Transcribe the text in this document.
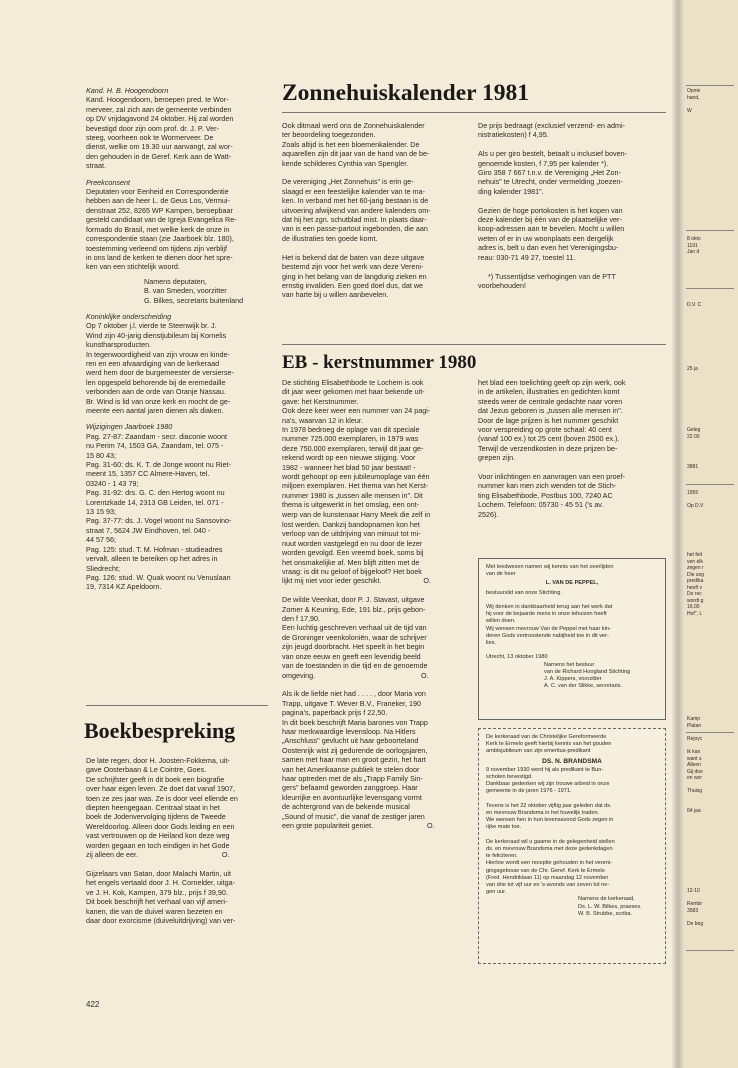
Kand. H. B. Hoogendoorn

Kand. Hoogendoorn, beroepen pred. te Wor-
merveer, zal zich aan de gemeente verbinden
op DV vrijdagavond 24 oktober. Hij zal worden
bevestigd door zijn oom prof. dr. J. P. Ver-
steeg, voorheen ook te Wormerveer. De
dienst, welke om 19.30 uur aanvangt, zal wor-
den gehouden in de Geref. Kerk aan de Watt-
straat.

Preekconsent

Deputaten voor Eenheid en Correspondentie
hebben aan de heer L. de Geus Los, Vermui-
denstraat 252, 8265 WP Kampen, beroepbaar
gesteld candidaat van de Igreja Evangelica Re-
formado do Brasil, met welke kerk de onze in
correspondentie staan (zie Jaarboek blz. 180),
toestemming verleend om tijdens zijn verblijf
in ons land de kerken te dienen door het spre-
ken van een stichtelijk woord.
Namens deputaten,
B. van Smeden, voorzitter
G. Bilkes, secretaris buitenland

Koninklijke onderscheiding

Op 7 oktober j.l. vierde te Steenwijk br. J.
Wind zijn 40-jarig dienstjubileum bij Kornelis
kunstharsproducten.
In tegenwoordigheid van zijn vrouw en kinde-
ren en een afvaardiging van de kerkeraad
werd hem door de burgemeester de versierse-
len opgespeld behorende bij de eremedaille
verbonden aan de orde van Oranje Nassau.
Br. Wind is lid van onze kerk en mocht de ge-
meente een aantal jaren dienen als diaken.

Wijzigingen Jaarboek 1980

Pag. 27-87: Zaandam - secr. diaconie woont
nu Perim 74, 1503 GA, Zaandam, tel. 075 -
15 80 43;
Pag. 31-60: ds. K. T. de Jonge woont nu Riet-
meent 15, 1357 CC Almere-Haven, tel.
03240 - 1 43 79;
Pag. 31-92: drs. G. C. den Hertog woont nu
Lorentzkade 14, 2313 GB Leiden, tel. 071 -
13 15 93;
Pag. 37-77: ds. J. Vogel woont nu Sansovino-
straat 7, 5624 JW Eindhoven, tel. 040 -
44 57 56;
Pag. 125: stud. T. M. Hofman - studieadres
vervalt, alleen te bereiken op het adres in
Sliedrecht;
Pag. 126: stud. W. Quak woont nu Venuslaan
19, 7314 KZ Apeldoorn.
Boekbespreking
De late regen, door H. Joosten-Fokkema, uit-
gave Oosterbaan & Le Cointre, Goes.
De schrijfster geeft in dit boek een biografie
over haar eigen leven. Ze doet dat vanaf 1907,
toen ze zes jaar was. Ze is door veel ellende en
diepten heengegaan. Centraal staat in het
boek de Jodenvervolging tijdens de Tweede
Wereldoorlog. Alleen door Gods leiding en een
vast vertrouwen op de Heiland kon deze weg
worden gegaan en toch eindigen in het Gode
zij alleen de eer.                                          O.

Gijzelaars van Satan, door Malachi Martin, uit
het engels vertaald door J. H. Cornelder, uitga-
ve J. H. Kok, Kampen, 379 blz., prijs f 39,90.
Dit boek beschrijft het verhaal van vijf ameri-
kanen, die van de duivel waren bezeten en
daar door exorcisme (duiveluitdrijving) van ver-
422
Zonnehuiskalender 1981
Ook ditmaal werd ons de Zonnehuiskalender
ter beoordeling toegezonden.
Zoals altijd is het een bloemenkalender. De
aquarellen zijn dit jaar van de hand van de be-
kende schilderes Cynthia van Spengler.

De vereniging „Het Zonnehuis" is erin ge-
slaagd er een feestelijke kalender van te ma-
ken. In verband met het 60-jarig bestaan is de
uitvoering afwijkend van andere kalenders om-
dat hij het zgn. schutblad mist. In plaats daar-
van is een passe-partout ingebonden, die aan
de illustraties ten goede komt.

Het is bekend dat de baten van deze uitgave
bestemd zijn voor het werk van deze Vereni-
ging in het belang van de langdurig zieken en
ernstig invaliden. Een goed doel dus, dat we
van harte bij u willen aanbevelen.
De prijs bedraagt (exclusief verzend- en admi-
nistratiekosten) f 4,95.

Als u per giro bestelt, betaalt u inclusief boven-
genoemde kosten, f 7,95 per kalender *).
Giro 358 7 667 t.n.v. de Vereniging „Het Zon-
nehuis" te Utrecht, onder vermelding „toezen-
ding kalender 1981".

Gezien de hoge portokosten is het kopen van
deze kalender bij één van de plaatselijke ver-
koop-adressen aan te bevelen. Mocht u willen
weten of er in uw woonplaats een dergelijk
adres is, belt u dan even het Verenigingsbu-
reau: 030-71 49 27, toestel 11.

*) Tussentijdse verhogingen van de PTT
voorbehouden!
EB - kerstnummer 1980
De stichting Elisabethbode te Lochem is ook
dit jaar weer gekomen met haar bekende uit-
gave: het Kerstnummer.
Ook deze keer weer een nummer van 24 pagi-
na's, waarvan 12 in kleur.
In 1978 bedroeg de oplage van dit speciale
nummer 725.000 exemplaren, in 1979 was
deze 750.000 exemplaren, terwijl dit jaar ge-
rekend wordt op een nieuwe stijging. Voor
1982 - wanneer het blad 50 jaar bestaat! -
wordt gehoopt op een jubileumoplage van één
miljoen exemplaren. Het thema van het Kerst-
nummer 1980 is „tussen alle mensen in". Dit
thema is uitgewerkt in het omslag, een ont-
werp van de kunstenaar Harry Meek die zelf in
het blad een toelichting geeft op zijn werk, ook
in de artikelen, illustraties en gedichten komt
steeds weer de centrale gedachte naar voren
dat Jezus geboren is „tussen alle mensen in".
Door de lage prijzen is het nummer geschikt
voor verspreiding op grote schaal: 40 cent
(vanaf 100 ex.) tot 25 cent (boven 2500 ex.).
Terwijl de verzendkosten in deze prijzen be-
grepen zijn.

Voor inlichtingen en aanvragen van een proef-
nummer kan men zich wenden tot de Stich-
ting Elisabethbode, Postbus 100, 7240 AC
Lochem. Telefoon: 05730 - 45 51 ('s av.
2526).
lost werden. Dankzij bandopnamen kon het
verloop van de uitdrijving van minuut tot mi-
nuut worden vastgelegd en nu door de lezer
worden gevolgd. Een vreemd boek, soms bij
het onsmakelijke af. Men blijft zitten met de
vraag: is dit nu geloof of bijgeloof? Het boek
lijkt mij niet voor ieder geschikt.                     O.

De wilde Veenkat, door P. J. Stavast, uitgave
Zomer & Keuning, Ede, 191 blz., prijs gebon-
den f 17,90.
Een luchtig geschreven verhaal uit de tijd van
de Groninger veenkoloniën, waar de schrijver
zijn jeugd doorbracht. Het speelt in het begin
van onze eeuw en geeft een levendig beeld
van de toestanden in die tijd en de genoemde
omgeving.                                                     O.

Als ik de liefde niet had . . . . , door Maria von
Trapp, uitgave T. Wever B.V., Franeker, 190
pagina's, paperback prijs f 22,50.
In dit boek beschrijft Maria barones von Trapp
haar merkwaardige levensloop. Na Hitlers
„Anschluss" gevlucht uit haar geboorteland
Oostenrijk wist zij gedurende de oorlogsjaren,
samen met haar man en groot gezin, het hart
van het Amerikaanse publiek te stelen door
haar optreden met de als „Trapp Family Sin-
gers" befaamd geworden zanggroep. Haar
kleurrijke en avontuurlijke levensgang vormt
de achtergrond van de bekende musical
„Sound of music", die vanaf de zestiger jaren
een grote populariteit geniet.                           O.
Met leedwezen namen wij kennis van het overlijden
van de heer

L. VAN DE PEPPEL,

bestuurslid van onze Stichting.

Wij denken in dankbaarheid terug aan het werk dat
hij voor de bejaarde mens in onze tehuizen heeft
willen doen.
Wij wensen mevrouw Van de Peppel met haar kin-
deren Gods vertroostende nabijheid toe in dit ver-
lies.

Utrecht, 13 oktober 1980
Namens het bestuur
van de Richard Hoogland Stichting
J. A. Kippers, voorzitter
A. C. van der Slikke, secretaris.
De kerkeraad van de Christelijke Gereformeerde
Kerk te Ermelo geeft hierbij kennis van het gouden
ambtsjubileum van zijn emeritus-predikant

DS. N. BRANDSMA

9 november 1930 werd hij als predikant te Bun-
schoten bevestigd.
Dankbaar gedenken wij zijn trouwe arbeid in onze
gemeente in de jaren 1976 - 1971.

Tevens is het 22 oktober vijftig jaar geleden dat ds.
en mevrouw Brandsma in het huwelijk traden.
We wensen hen in hun levensavond Gods zegen in
rijke mate toe.

De kerkeraad wil u gaarne in de gelegenheid stellen
ds. en mevrouw Brandsma met deze gedenkdagen
te feliciteren.
Hiertoe wordt een receptie gehouden in het vereni-
gingsgebouw van de Chr. Geref. Kerk te Ermelo
(Fred. Hendriklaan 11) op maandag 12 november
van drie tot vijf uur en 's-avonds van zeven tot ne-
gen uur.
Namens de kerkeraad,
Ds. L. W. Bilkes, praeses.
W. B. Strubbe, scriba.
Opnie
hand,

W
8 okto
1191
Jan d
D.V. C
25 ja
Geleg
22.00
3881
1955

Op D.V
het feit
ven elk
zegen r
Die zeg
predika
heeft v
De rec
wordt g
16.00
Hof", L
Kamp
Platan
Rejoyc

Ik kan
want s
Alleen
Gij doe
en wor

Thuisg

64 jaa
12-10

Rembr
3583

De beg
